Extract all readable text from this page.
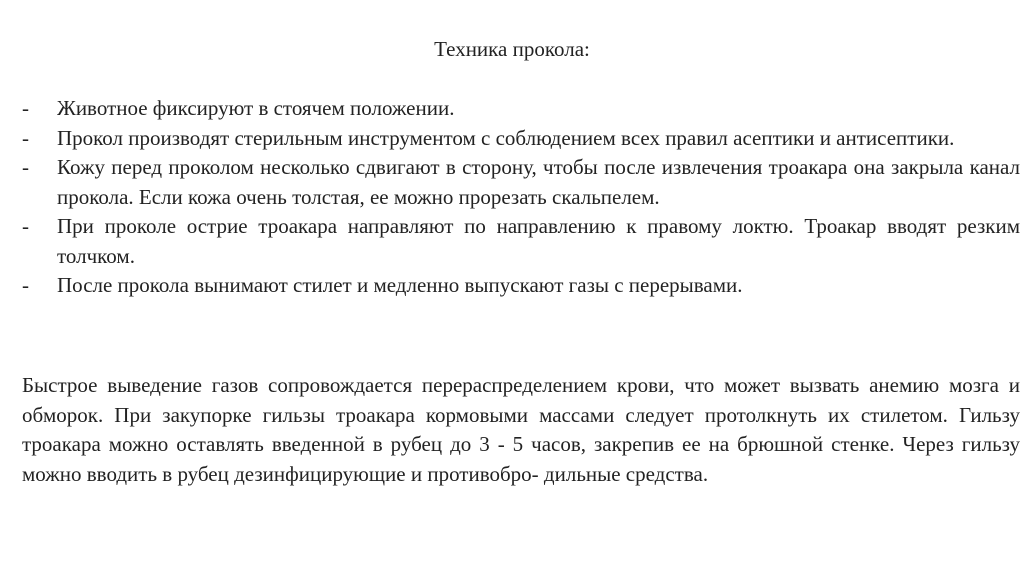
Техника прокола:
- Животное фиксируют в стоячем положении.
- Прокол производят стерильным инструментом с соблюдением всех правил асептики и антисептики.
- Кожу перед проколом несколько сдвигают в сторону, чтобы после извлечения троакара она закрыла канал прокола. Если кожа очень толстая, ее можно прорезать скальпелем.
- При проколе острие троакара направляют по направлению к правому локтю. Троакар вводят резким толчком.
- После прокола вынимают стилет и медленно выпускают газы с перерывами.

Быстрое выведение газов сопровождается перераспределением крови, что может вызвать анемию мозга и обморок. При закупорке гильзы троакара кормовыми массами следует протолкнуть их стилетом. Гильзу троакара можно оставлять введенной в рубец до 3 - 5 часов, закрепив ее на брюшной стенке. Через гильзу можно вводить в рубец дезинфицирующие и противобро- дильные средства.
